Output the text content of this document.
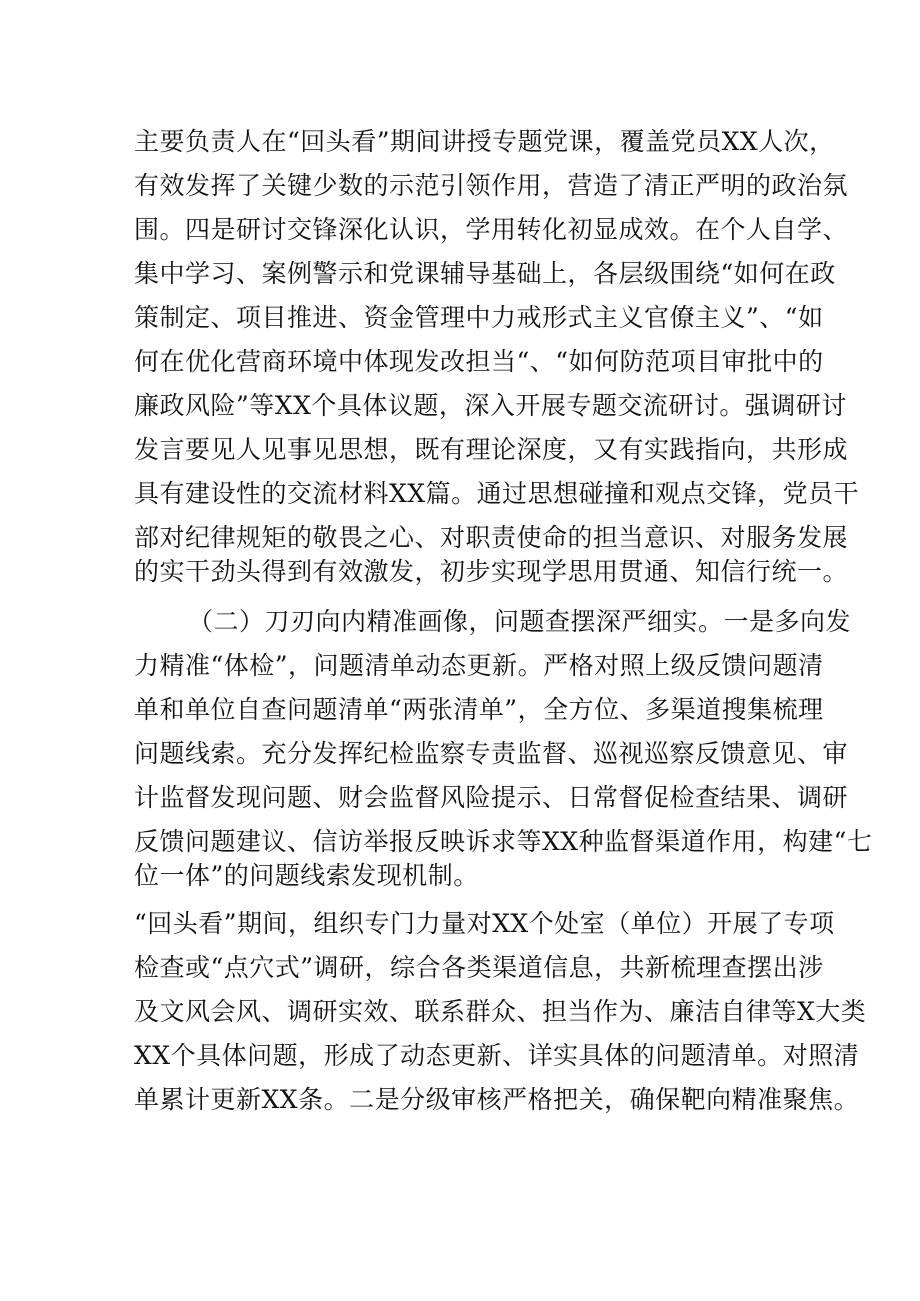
主要负责人在“回头看”期间讲授专题党课，覆盖党员XX人次，
有效发挥了关键少数的示范引领作用，营造了清正严明的政治氛
围。四是研讨交锋深化认识，学用转化初显成效。在个人自学、
集中学习、案例警示和党课辅导基础上，各层级围绕“如何在政
策制定、项目推进、资金管理中力戒形式主义官僚主义”、“如
何在优化营商环境中体现发改担当“、“如何防范项目审批中的
廉政风险”等XX个具体议题，深入开展专题交流研讨。强调研讨
发言要见人见事见思想，既有理论深度，又有实践指向，共形成
具有建设性的交流材料XX篇。通过思想碰撞和观点交锋，党员干
部对纪律规矩的敬畏之心、对职责使命的担当意识、对服务发展
的实干劲头得到有效激发，初步实现学思用贯通、知信行统一。
（二）刀刃向内精准画像，问题查摆深严细实。一是多向发
力精准“体检”，问题清单动态更新。严格对照上级反馈问题清
单和单位自查问题清单“两张清单”，全方位、多渠道搜集梳理
问题线索。充分发挥纪检监察专责监督、巡视巡察反馈意见、审
计监督发现问题、财会监督风险提示、日常督促检查结果、调研
反馈问题建议、信访举报反映诉求等XX种监督渠道作用，构建“七
位一体”的问题线索发现机制。
“回头看”期间，组织专门力量对XX个处室（单位）开展了专项
检查或“点穴式”调研，综合各类渠道信息，共新梳理查摆出涉
及文风会风、调研实效、联系群众、担当作为、廉洁自律等X大类
XX个具体问题，形成了动态更新、详实具体的问题清单。对照清
单累计更新XX条。二是分级审核严格把关，确保靶向精准聚焦。
